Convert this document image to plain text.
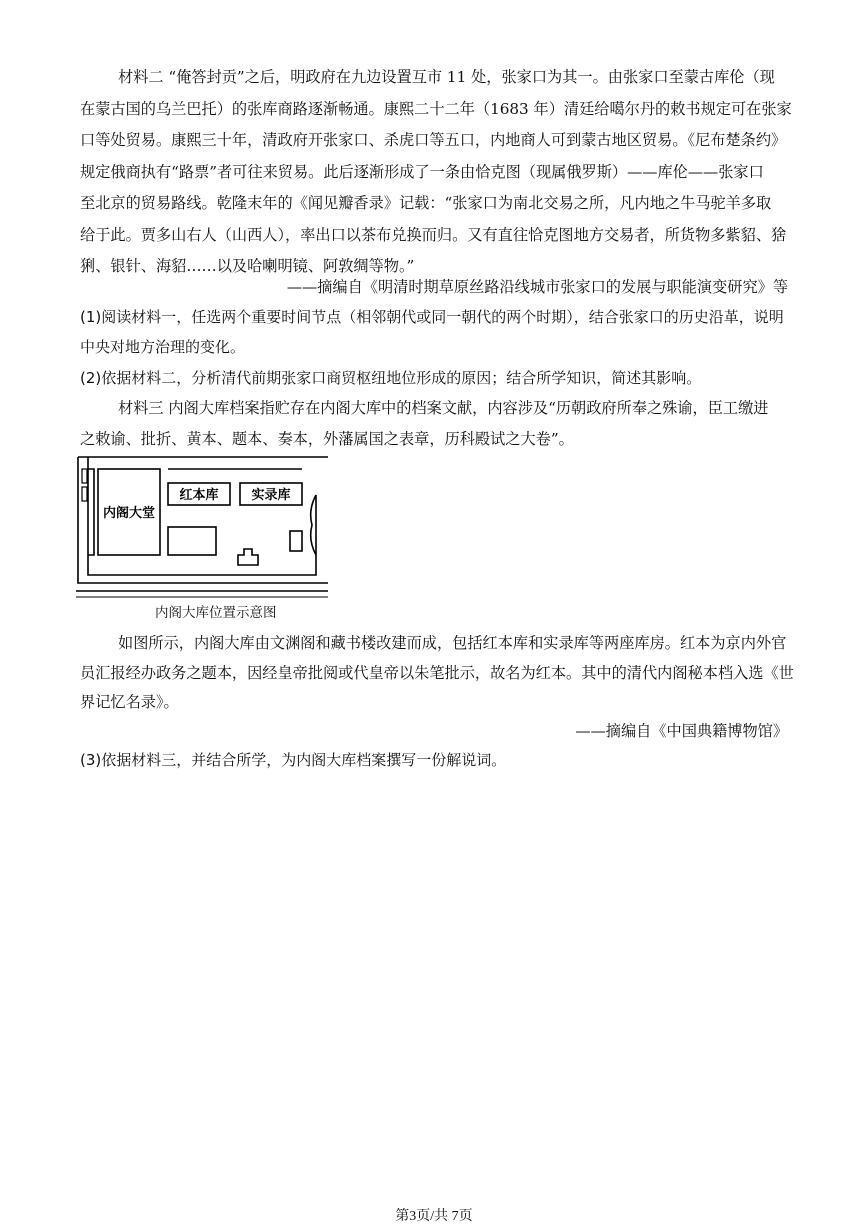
材料二 “俺答封贡”之后，明政府在九边设置互市 11 处，张家口为其一。由张家口至蒙古库伦（现
在蒙古国的乌兰巴托）的张库商路逐渐畅通。康熙二十二年（1683 年）清廷给噶尔丹的敕书规定可在张家
口等处贸易。康熙三十年，清政府开张家口、杀虎口等五口，内地商人可到蒙古地区贸易。《尼布楚条约》
规定俄商执有“路票”者可往来贸易。此后逐渐形成了一条由恰克图（现属俄罗斯）——库伦——张家口
至北京的贸易路线。乾隆末年的《闻见瓣香录》记载：“张家口为南北交易之所，凡内地之牛马驼羊多取
给于此。贾多山右人（山西人），率出口以茶布兑换而归。又有直往恰克图地方交易者，所货物多紫貂、猞
猁、银针、海貂……以及哈喇明镜、阿敦绸等物。”
——摘编自《明清时期草原丝路沿线城市张家口的发展与职能演变研究》等
(1)阅读材料一，任选两个重要时间节点（相邻朝代或同一朝代的两个时期），结合张家口的历史沿革，说明
中央对地方治理的变化。
(2)依据材料二，分析清代前期张家口商贸枢纽地位形成的原因；结合所学知识，简述其影响。
材料三 内阁大库档案指贮存在内阁大库中的档案文献，内容涉及“历朝政府所奉之殊谕，臣工缴进
之敕谕、批折、黄本、题本、奏本，外藩属国之表章，历科殿试之大卷”。
内阁大堂
红本库	实录库
内阁大库位置示意图
如图所示，内阁大库由文渊阁和藏书楼改建而成，包括红本库和实录库等两座库房。红本为京内外官
员汇报经办政务之题本，因经皇帝批阅或代皇帝以朱笔批示，故名为红本。其中的清代内阁秘本档入选《世
界记忆名录》。
——摘编自《中国典籍博物馆》
(3)依据材料三，并结合所学，为内阁大库档案撰写一份解说词。
第3页/共 7页
